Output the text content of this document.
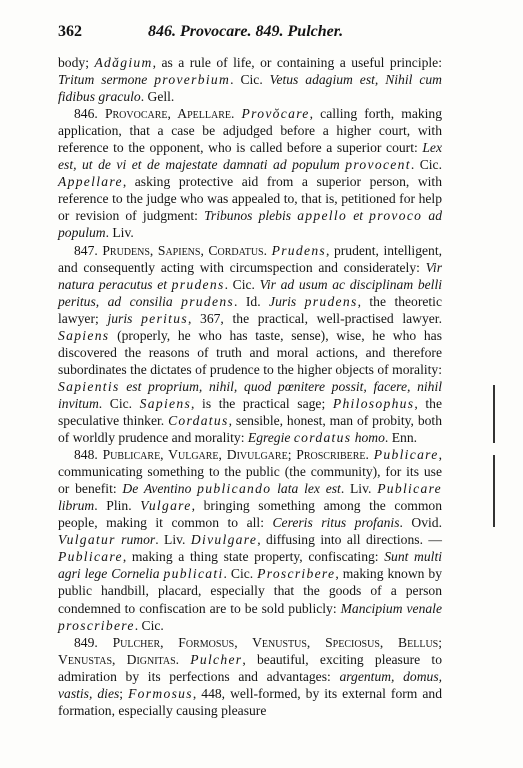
362	846. Provocare. 849. Pulcher.

body; Adăgium, as a rule of life, or containing a useful principle: Tritum sermone proverbium. Cic. Vetus adagium est, Nihil cum fidibus graculo. Gell.

846. Provocare, Apellare. Provŏcare, calling forth, making application, that a case be adjudged before a higher court, with reference to the opponent, who is called before a superior court: Lex est, ut de vi et de majestate damnati ad populum provocent. Cic. Appellare, asking protective aid from a superior person, with reference to the judge who was appealed to, that is, petitioned for help or revision of judgment: Tribunos plebis appello et provoco ad populum. Liv.

847. Prudens, Sapiens, Cordatus. Prudens, prudent, intelligent, and consequently acting with circumspection and considerately: Vir natura peracutus et prudens. Cic. Vir ad usum ac disciplinam belli peritus, ad consilia prudens. Id. Juris prudens, the theoretic lawyer; juris peritus, 367, the practical, well-practised lawyer. Sapiens (properly, he who has taste, sense), wise, he who has discovered the reasons of truth and moral actions, and therefore subordinates the dictates of prudence to the higher objects of morality: Sapientis est proprium, nihil, quod pœnitere possit, facere, nihil invitum. Cic. Sapiens, is the practical sage; Philosophus, the speculative thinker. Cordatus, sensible, honest, man of probity, both of worldly prudence and morality: Egregie cordatus homo. Enn.

848. Publicare, Vulgare, Divulgare; Proscribere. Publicare, communicating something to the public (the community), for its use or benefit: De Aventino publicando lata lex est. Liv. Publicare librum. Plin. Vulgare, bringing something among the common people, making it common to all: Cereris ritus profanis. Ovid. Vulgatur rumor. Liv. Divulgare, diffusing into all directions. — Publicare, making a thing state property, confiscating: Sunt multi agri lege Cornelia publicati. Cic. Proscribere, making known by public handbill, placard, especially that the goods of a person condemned to confiscation are to be sold publicly: Mancipium venale proscribere. Cic.

849. Pulcher, Formosus, Venustus, Speciosus, Bellus; Venustas, Dignitas. Pulcher, beautiful, exciting pleasure to admiration by its perfections and advantages: argentum, domus, vastis, dies; Formosus, 448, well-formed, by its external form and formation, especially causing pleasure
